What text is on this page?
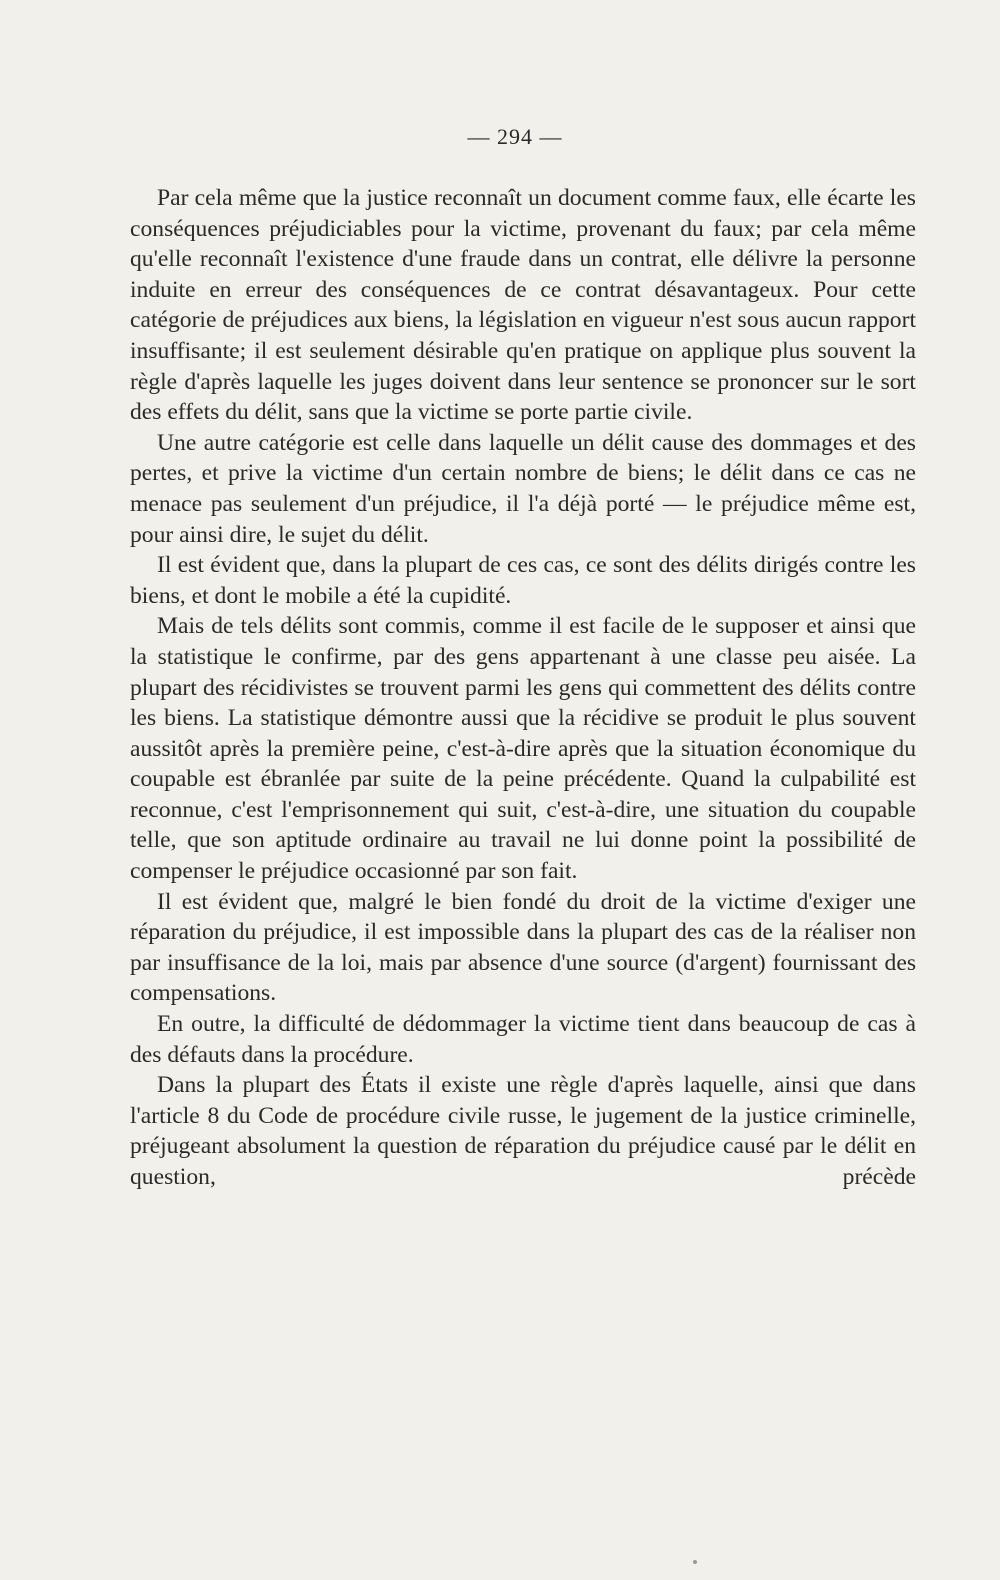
— 294 —

Par cela même que la justice reconnaît un document comme faux, elle écarte les conséquences préjudiciables pour la victime, provenant du faux; par cela même qu'elle reconnaît l'existence d'une fraude dans un contrat, elle délivre la personne induite en erreur des conséquences de ce contrat désavantageux. Pour cette catégorie de préjudices aux biens, la législation en vigueur n'est sous aucun rapport insuffisante; il est seulement désirable qu'en pratique on applique plus souvent la règle d'après laquelle les juges doivent dans leur sentence se prononcer sur le sort des effets du délit, sans que la victime se porte partie civile.

Une autre catégorie est celle dans laquelle un délit cause des dommages et des pertes, et prive la victime d'un certain nombre de biens; le délit dans ce cas ne menace pas seulement d'un préjudice, il l'a déjà porté — le préjudice même est, pour ainsi dire, le sujet du délit.

Il est évident que, dans la plupart de ces cas, ce sont des délits dirigés contre les biens, et dont le mobile a été la cupidité.

Mais de tels délits sont commis, comme il est facile de le supposer et ainsi que la statistique le confirme, par des gens appartenant à une classe peu aisée. La plupart des récidivistes se trouvent parmi les gens qui commettent des délits contre les biens. La statistique démontre aussi que la récidive se produit le plus souvent aussitôt après la première peine, c'est-à-dire après que la situation économique du coupable est ébranlée par suite de la peine précédente. Quand la culpabilité est reconnue, c'est l'emprisonnement qui suit, c'est-à-dire, une situation du coupable telle, que son aptitude ordinaire au travail ne lui donne point la possibilité de compenser le préjudice occasionné par son fait.

Il est évident que, malgré le bien fondé du droit de la victime d'exiger une réparation du préjudice, il est impossible dans la plupart des cas de la réaliser non par insuffisance de la loi, mais par absence d'une source (d'argent) fournissant des compensations.

En outre, la difficulté de dédommager la victime tient dans beaucoup de cas à des défauts dans la procédure.

Dans la plupart des États il existe une règle d'après laquelle, ainsi que dans l'article 8 du Code de procédure civile russe, le jugement de la justice criminelle, préjugeant absolument la question de réparation du préjudice causé par le délit en question, précède
